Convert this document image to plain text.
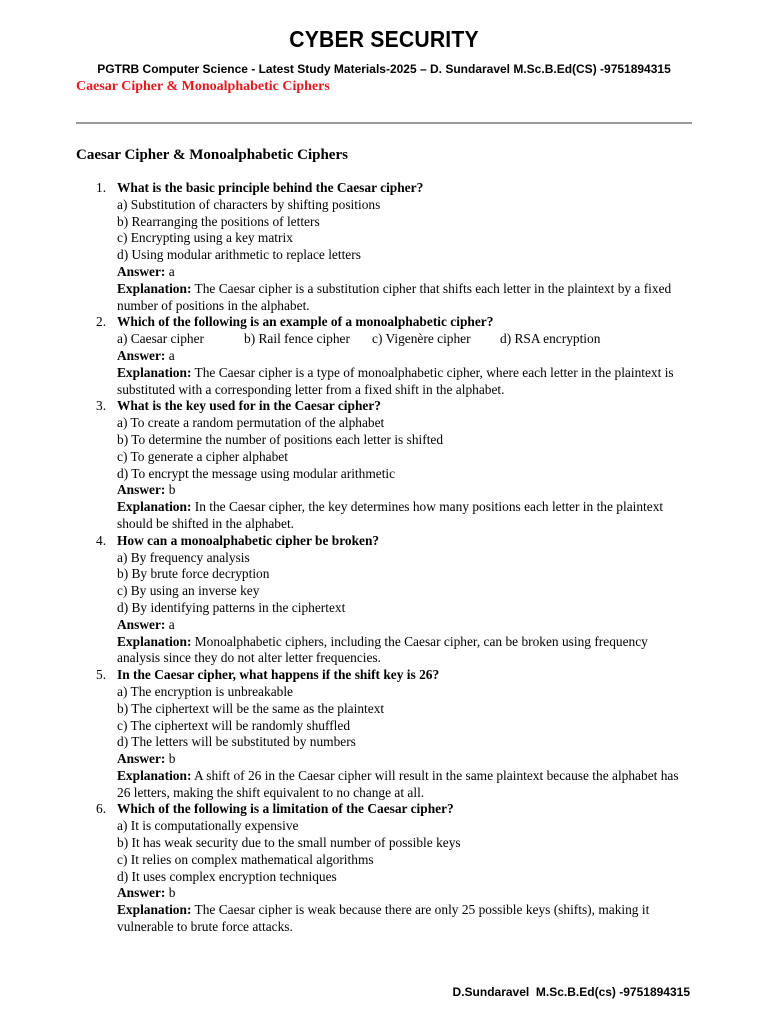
CYBER SECURITY
PGTRB Computer Science - Latest Study Materials-2025 – D. Sundaravel M.Sc.B.Ed(CS) -9751894315
Caesar Cipher & Monoalphabetic Ciphers
Caesar Cipher & Monoalphabetic Ciphers
1. What is the basic principle behind the Caesar cipher?
a) Substitution of characters by shifting positions
b) Rearranging the positions of letters
c) Encrypting using a key matrix
d) Using modular arithmetic to replace letters
Answer: a
Explanation: The Caesar cipher is a substitution cipher that shifts each letter in the plaintext by a fixed number of positions in the alphabet.
2. Which of the following is an example of a monoalphabetic cipher?
a) Caesar cipher	b) Rail fence cipher c) Vigenère cipher d) RSA encryption
Answer: a
Explanation: The Caesar cipher is a type of monoalphabetic cipher, where each letter in the plaintext is substituted with a corresponding letter from a fixed shift in the alphabet.
3. What is the key used for in the Caesar cipher?
a) To create a random permutation of the alphabet
b) To determine the number of positions each letter is shifted
c) To generate a cipher alphabet
d) To encrypt the message using modular arithmetic
Answer: b
Explanation: In the Caesar cipher, the key determines how many positions each letter in the plaintext should be shifted in the alphabet.
4. How can a monoalphabetic cipher be broken?
a) By frequency analysis
b) By brute force decryption
c) By using an inverse key
d) By identifying patterns in the ciphertext
Answer: a
Explanation: Monoalphabetic ciphers, including the Caesar cipher, can be broken using frequency analysis since they do not alter letter frequencies.
5. In the Caesar cipher, what happens if the shift key is 26?
a) The encryption is unbreakable
b) The ciphertext will be the same as the plaintext
c) The ciphertext will be randomly shuffled
d) The letters will be substituted by numbers
Answer: b
Explanation: A shift of 26 in the Caesar cipher will result in the same plaintext because the alphabet has 26 letters, making the shift equivalent to no change at all.
6. Which of the following is a limitation of the Caesar cipher?
a) It is computationally expensive
b) It has weak security due to the small number of possible keys
c) It relies on complex mathematical algorithms
d) It uses complex encryption techniques
Answer: b
Explanation: The Caesar cipher is weak because there are only 25 possible keys (shifts), making it vulnerable to brute force attacks.
D.Sundaravel  M.Sc.B.Ed(cs) -9751894315
